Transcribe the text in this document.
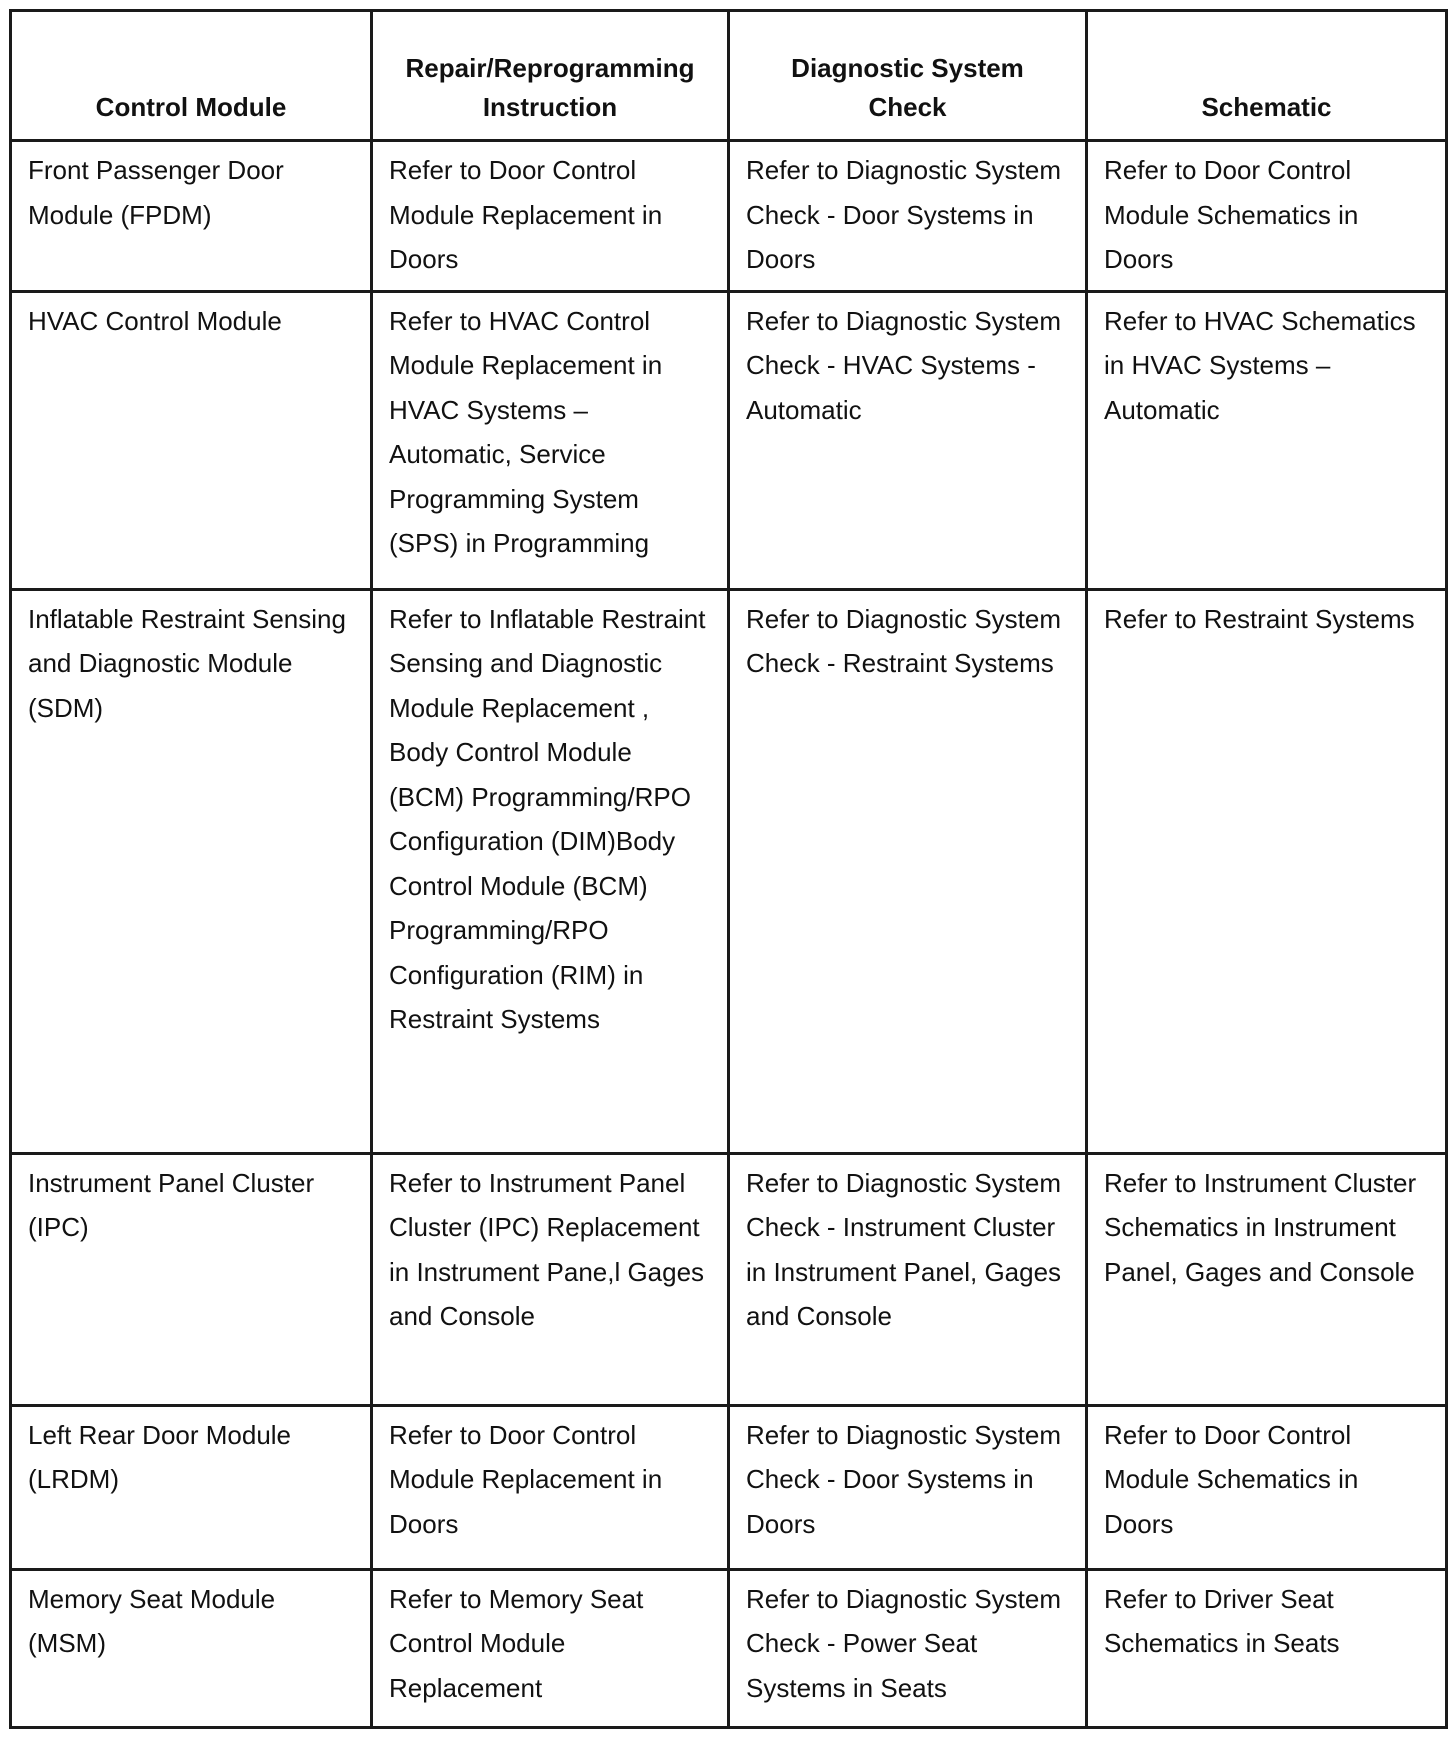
Control Module	Repair/Reprogramming Instruction	Diagnostic System Check	Schematic

Front Passenger Door Module (FPDM)	Refer to Door Control Module Replacement in Doors	Refer to Diagnostic System Check - Door Systems in Doors	Refer to Door Control Module Schematics in Doors

HVAC Control Module	Refer to HVAC Control Module Replacement in HVAC Systems – Automatic, Service Programming System (SPS) in Programming	Refer to Diagnostic System Check - HVAC Systems - Automatic	Refer to HVAC Schematics in HVAC Systems – Automatic

Inflatable Restraint Sensing and Diagnostic Module (SDM)	Refer to Inflatable Restraint Sensing and Diagnostic Module Replacement , Body Control Module (BCM) Programming/RPO Configuration (DIM)Body Control Module (BCM) Programming/RPO Configuration (RIM) in Restraint Systems	Refer to Diagnostic System Check - Restraint Systems	Refer to Restraint Systems

Instrument Panel Cluster (IPC)	Refer to Instrument Panel Cluster (IPC) Replacement in Instrument Pane,l Gages and Console	Refer to Diagnostic System Check - Instrument Cluster in Instrument Panel, Gages and Console	Refer to Instrument Cluster Schematics in Instrument Panel, Gages and Console

Left Rear Door Module (LRDM)	Refer to Door Control Module Replacement in Doors	Refer to Diagnostic System Check - Door Systems in Doors	Refer to Door Control Module Schematics in Doors

Memory Seat Module (MSM)	Refer to Memory Seat Control Module Replacement	Refer to Diagnostic System Check - Power Seat Systems in Seats	Refer to Driver Seat Schematics in Seats
